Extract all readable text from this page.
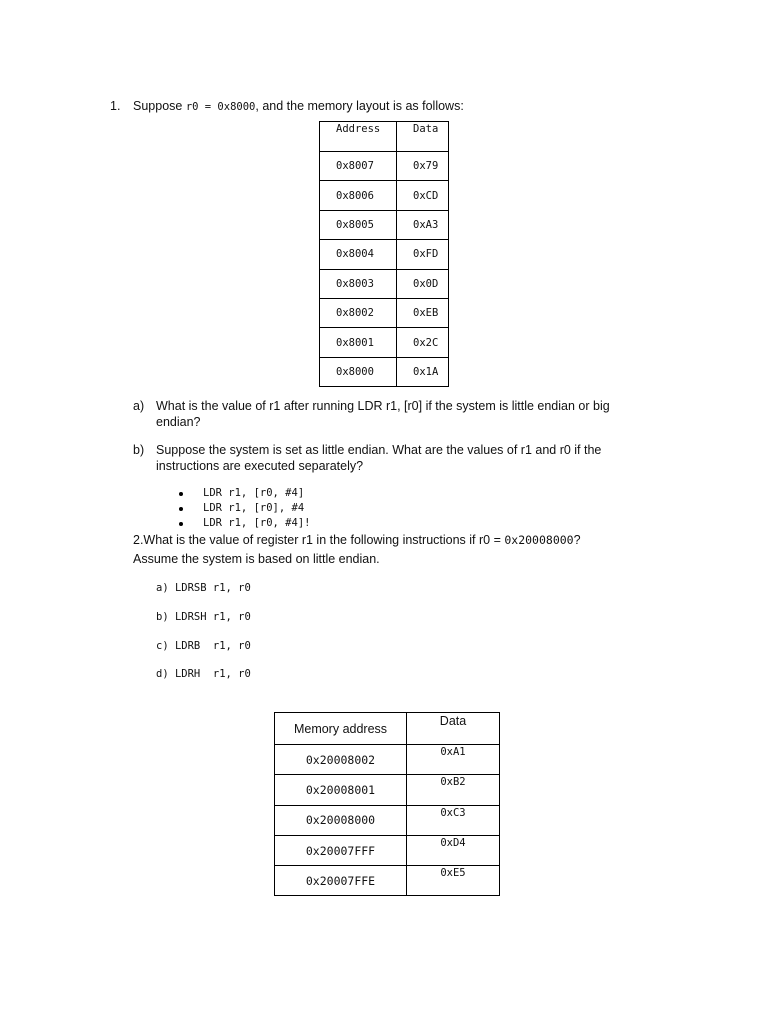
1. Suppose r0 = 0x8000, and the memory layout is as follows:
Address	Data
0x8007	0x79
0x8006	0xCD
0x8005	0xA3
0x8004	0xFD
0x8003	0x0D
0x8002	0xEB
0x8001	0x2C
0x8000	0x1A
a) What is the value of r1 after running LDR r1, [r0] if the system is little endian or big
endian?
b) Suppose the system is set as little endian. What are the values of r1 and r0 if the
instructions are executed separately?
LDR r1, [r0, #4]
LDR r1, [r0], #4
LDR r1, [r0, #4]!
2.What is the value of register r1 in the following instructions if r0 = 0x20008000?
Assume the system is based on little endian.
a) LDRSB r1, r0
b) LDRSH r1, r0
c) LDRB  r1, r0
d) LDRH  r1, r0
Memory address	Data
0x20008002	0xA1
0x20008001	0xB2
0x20008000	0xC3
0x20007FFF	0xD4
0x20007FFE	0xE5
